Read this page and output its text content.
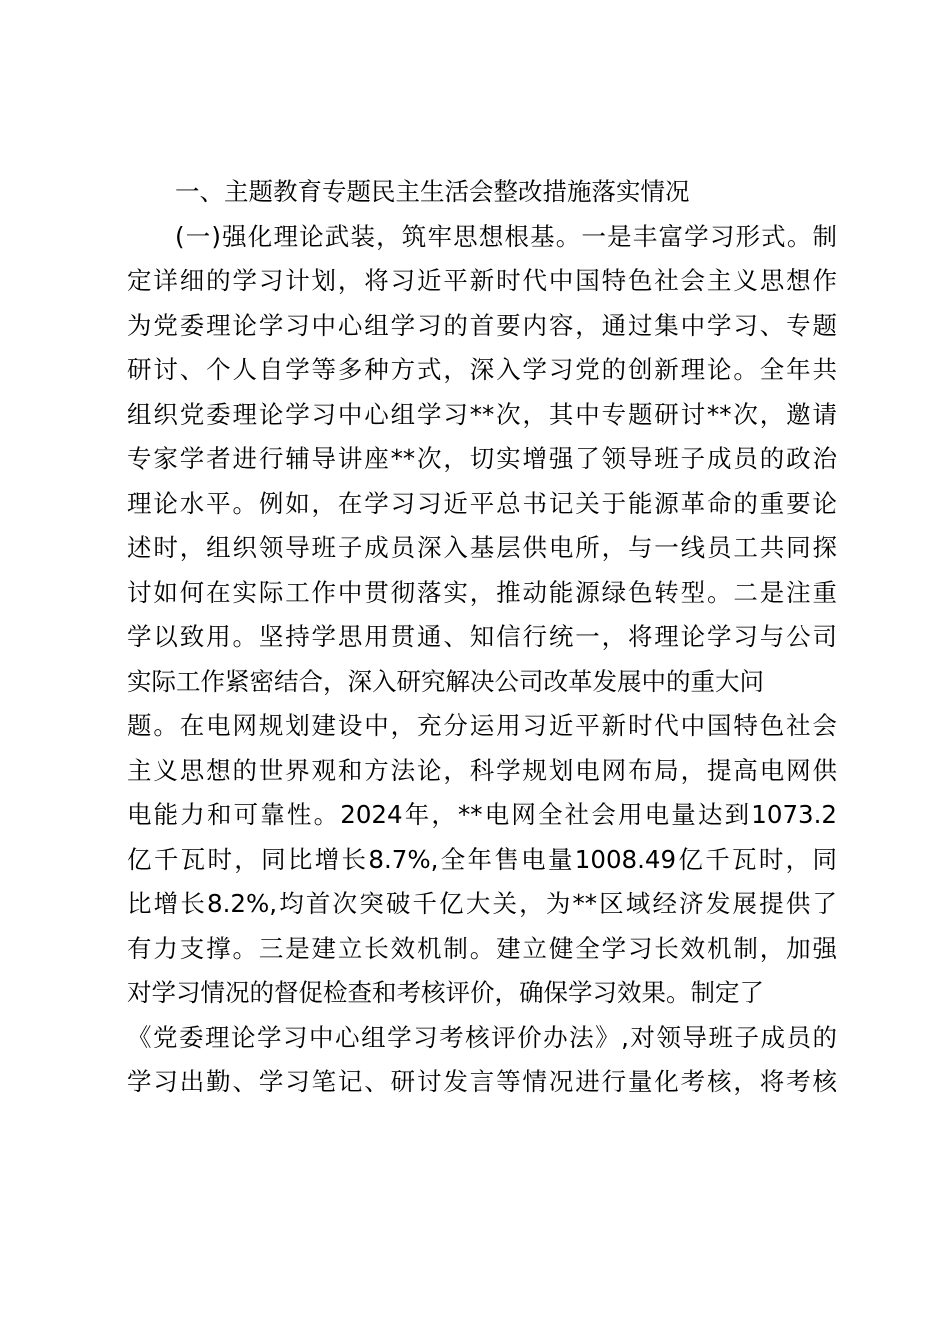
一、主题教育专题民主生活会整改措施落实情况
(一)强化理论武装，筑牢思想根基。一是丰富学习形式。制
定详细的学习计划，将习近平新时代中国特色社会主义思想作
为党委理论学习中心组学习的首要内容，通过集中学习、专题
研讨、个人自学等多种方式，深入学习党的创新理论。全年共
组织党委理论学习中心组学习**次，其中专题研讨**次，邀请
专家学者进行辅导讲座**次，切实增强了领导班子成员的政治
理论水平。例如，在学习习近平总书记关于能源革命的重要论
述时，组织领导班子成员深入基层供电所，与一线员工共同探
讨如何在实际工作中贯彻落实，推动能源绿色转型。二是注重
学以致用。坚持学思用贯通、知信行统一，将理论学习与公司
实际工作紧密结合，深入研究解决公司改革发展中的重大问
题。在电网规划建设中，充分运用习近平新时代中国特色社会
主义思想的世界观和方法论，科学规划电网布局，提高电网供
电能力和可靠性。2024年，**电网全社会用电量达到1073.2
亿千瓦时，同比增长8.7%,全年售电量1008.49亿千瓦时，同
比增长8.2%,均首次突破千亿大关，为**区域经济发展提供了
有力支撑。三是建立长效机制。建立健全学习长效机制，加强
对学习情况的督促检查和考核评价，确保学习效果。制定了
《党委理论学习中心组学习考核评价办法》,对领导班子成员的
学习出勤、学习笔记、研讨发言等情况进行量化考核，将考核
